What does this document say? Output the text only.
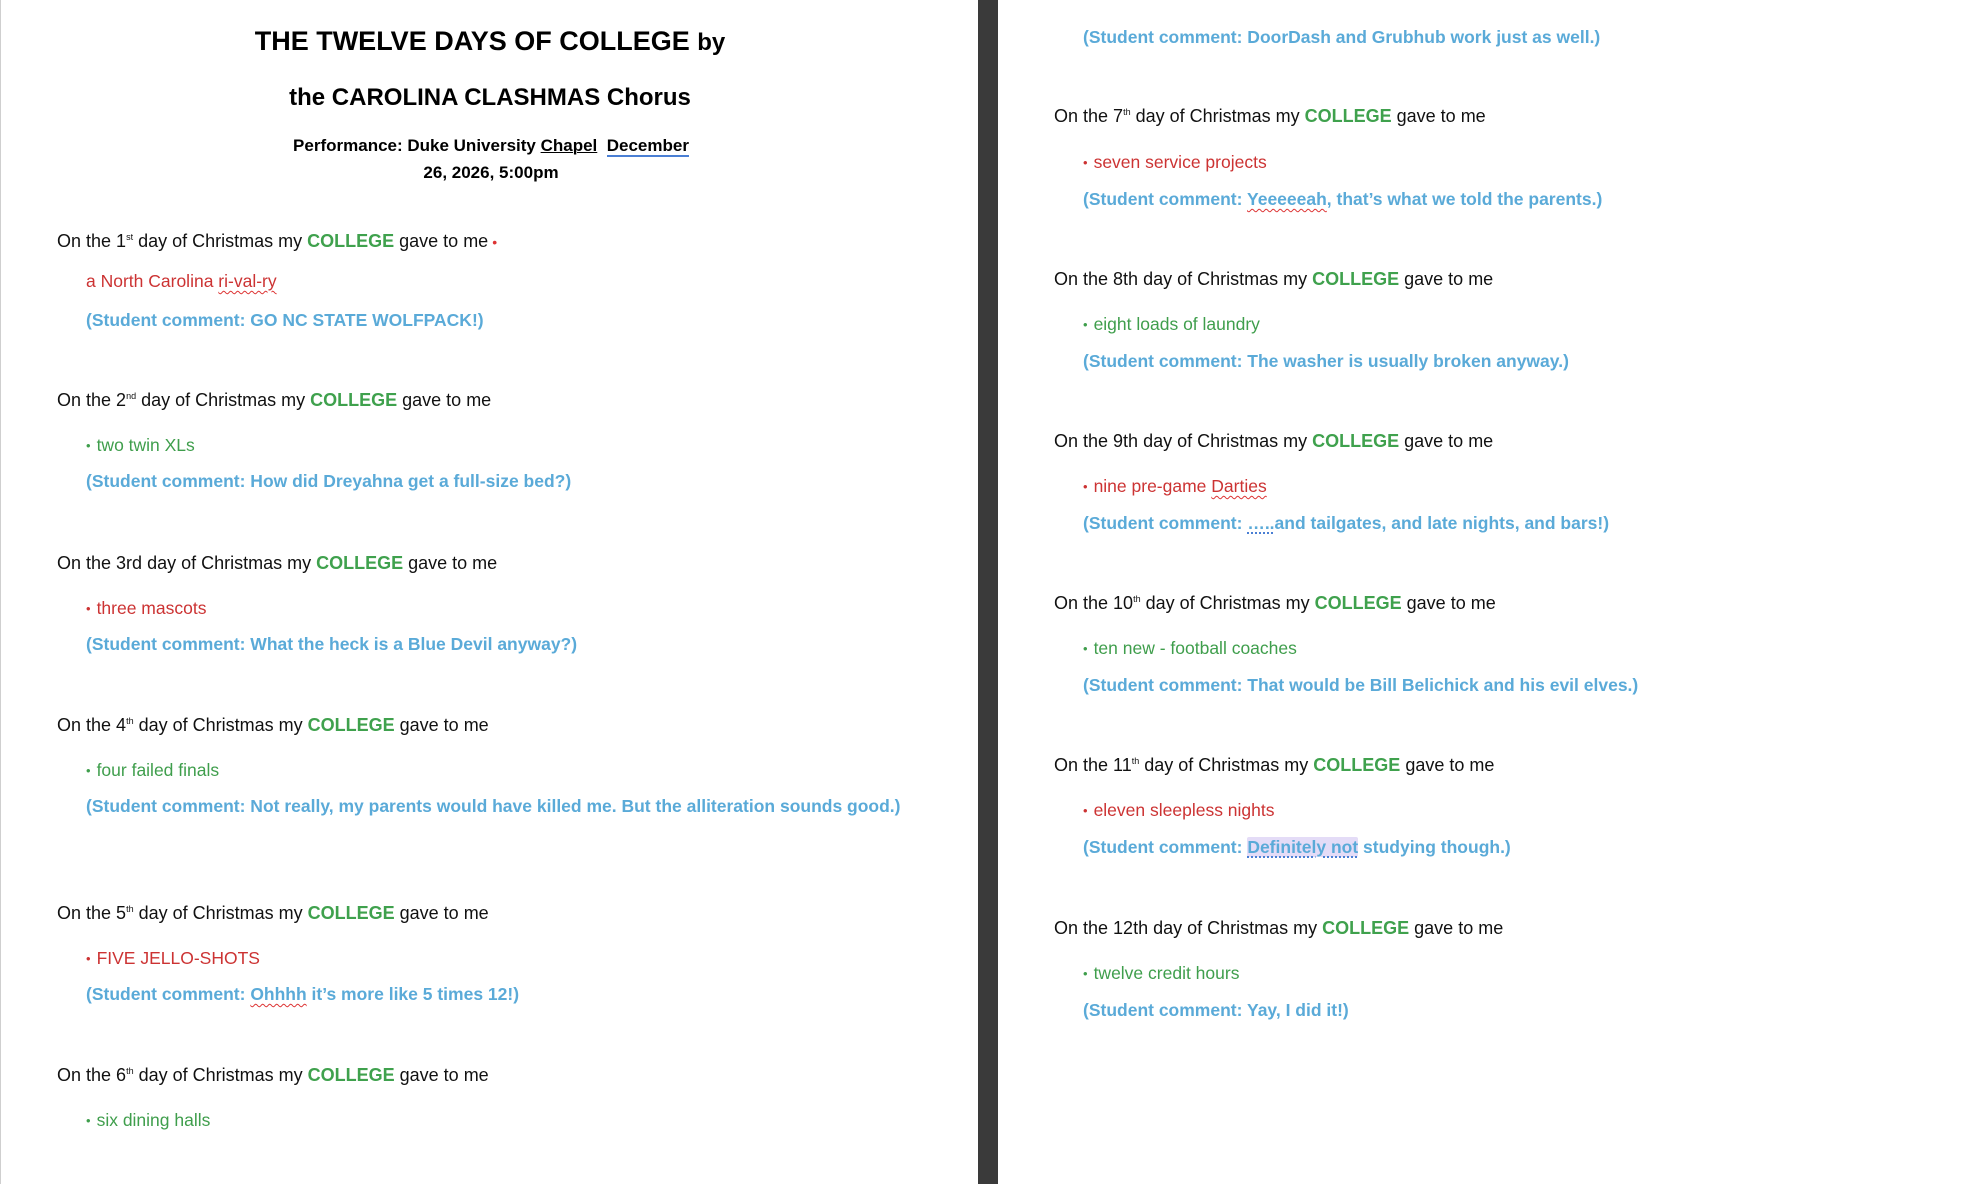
THE TWELVE DAYS OF COLLEGE by
the CAROLINA CLASHMAS Chorus
Performance: Duke University Chapel December
26, 2026, 5:00pm
On the 1st day of Christmas my COLLEGE gave to me •
a North Carolina ri-val-ry
(Student comment: GO NC STATE WOLFPACK!)
On the 2nd day of Christmas my COLLEGE gave to me
• two twin XLs
(Student comment: How did Dreyahna get a full-size bed?)
On the 3rd day of Christmas my COLLEGE gave to me
• three mascots
(Student comment: What the heck is a Blue Devil anyway?)
On the 4th day of Christmas my COLLEGE gave to me
• four failed finals
(Student comment: Not really, my parents would have killed me. But the alliteration sounds good.)
On the 5th day of Christmas my COLLEGE gave to me
• FIVE JELLO-SHOTS
(Student comment: Ohhhh it’s more like 5 times 12!)
On the 6th day of Christmas my COLLEGE gave to me
• six dining halls
(Student comment: DoorDash and Grubhub work just as well.)
On the 7th day of Christmas my COLLEGE gave to me
• seven service projects
(Student comment: Yeeeeeah, that’s what we told the parents.)
On the 8th day of Christmas my COLLEGE gave to me
• eight loads of laundry
(Student comment: The washer is usually broken anyway.)
On the 9th day of Christmas my COLLEGE gave to me
• nine pre-game Darties
(Student comment: …..and tailgates, and late nights, and bars!)
On the 10th day of Christmas my COLLEGE gave to me
• ten new - football coaches
(Student comment: That would be Bill Belichick and his evil elves.)
On the 11th day of Christmas my COLLEGE gave to me
• eleven sleepless nights
(Student comment: Definitely not studying though.)
On the 12th day of Christmas my COLLEGE gave to me
• twelve credit hours
(Student comment: Yay, I did it!)
